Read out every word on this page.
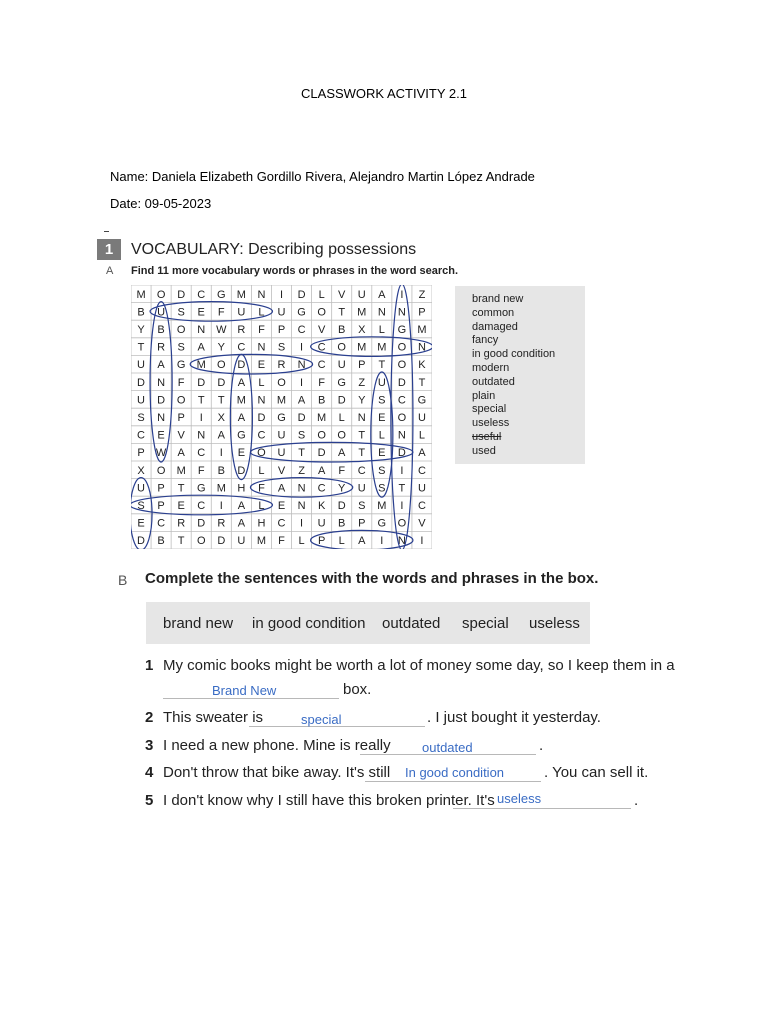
CLASSWORK ACTIVITY 2.1
Name: Daniela Elizabeth Gordillo Rivera, Alejandro Martin López Andrade
Date: 09-05-2023
1	VOCABULARY: Describing possessions
A Find 11 more vocabulary words or phrases in the word search.
M O D C G M N I D L V U A I Z
B U S E F U L U G O T M N N P
Y B O N W R F P C V B X L G M
T R S A Y C N S I C O M M O N
U A G M O D E R N C U P T O K
D N F D D A L O I F G Z U D T
U D O T T M N M A B D Y S C G
S N P I X A D G D M L N E O U
C E V N A G C U S O O T L N L
P W A C I E O U T D A T E D A
X O M F B D L V Z A F C S I C
U P T G M H F A N C Y U S T U
S P E C I A L E N K D S M I C
E C R D R A H C I U B P G O V
D B T O D U M F L P L A I N I
brand new
common
damaged
fancy
in good condition
modern
outdated
plain
special
useless
useful
used
B Complete the sentences with the words and phrases in the box.
brand new in good condition outdated special useless
1 My comic books might be worth a lot of money some day, so I keep them in a
Brand New	box.
2 This sweater is	special	. I just bought it yesterday.
3 I need a new phone. Mine is really outdated	.
4 Don't throw that bike away. It's still In good condition	. You can sell it.
5 I don't know why I still have this broken printer. It's useless	.
